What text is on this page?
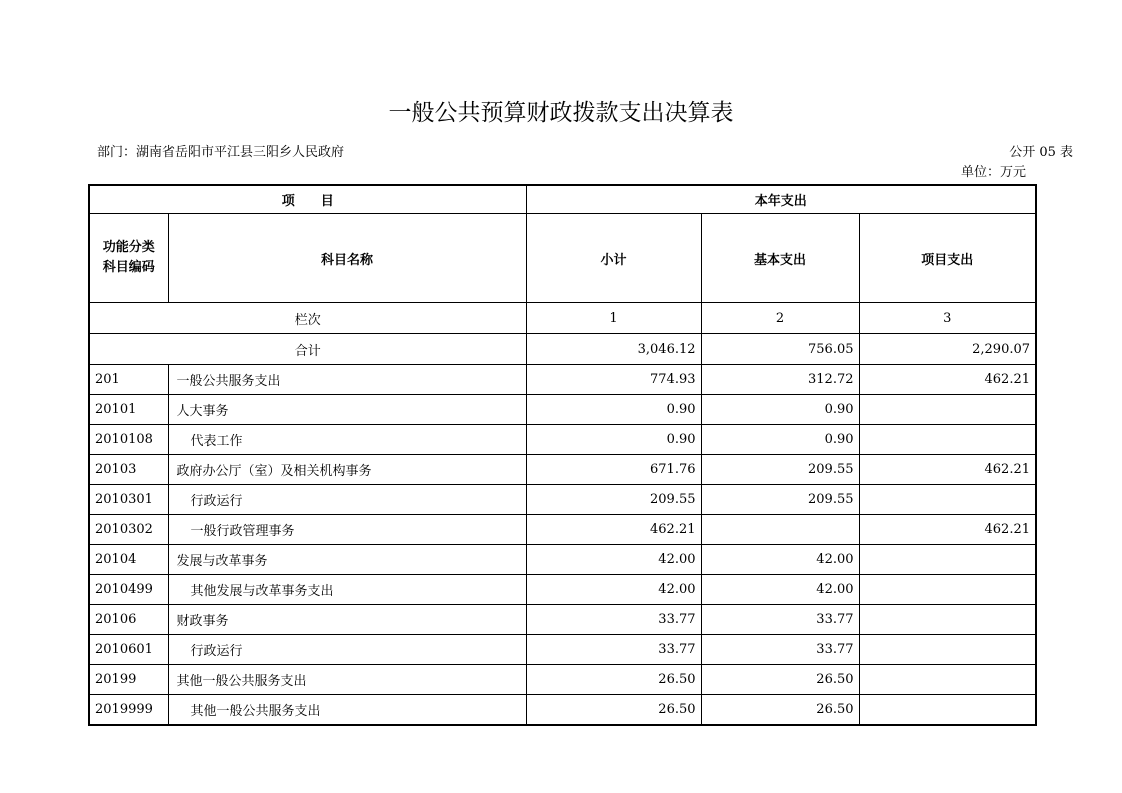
一般公共预算财政拨款支出决算表
部门：湖南省岳阳市平江县三阳乡人民政府	公开 05 表
单位：万元
项　　目		本年支出		
功能分类
科目编码	科目名称	小计	基本支出	项目支出
栏次		1	2	3
合计		3,046.12	756.05	2,290.07
201	一般公共服务支出	774.93	312.72	462.21
20101	人大事务	0.90	0.90	
2010108	代表工作	0.90	0.90	
20103	政府办公厅（室）及相关机构事务	671.76	209.55	462.21
2010301	行政运行	209.55	209.55	
2010302	一般行政管理事务	462.21		462.21
20104	发展与改革事务	42.00	42.00	
2010499	其他发展与改革事务支出	42.00	42.00	
20106	财政事务	33.77	33.77	
2010601	行政运行	33.77	33.77	
20199	其他一般公共服务支出	26.50	26.50	
2019999	其他一般公共服务支出	26.50	26.50	
